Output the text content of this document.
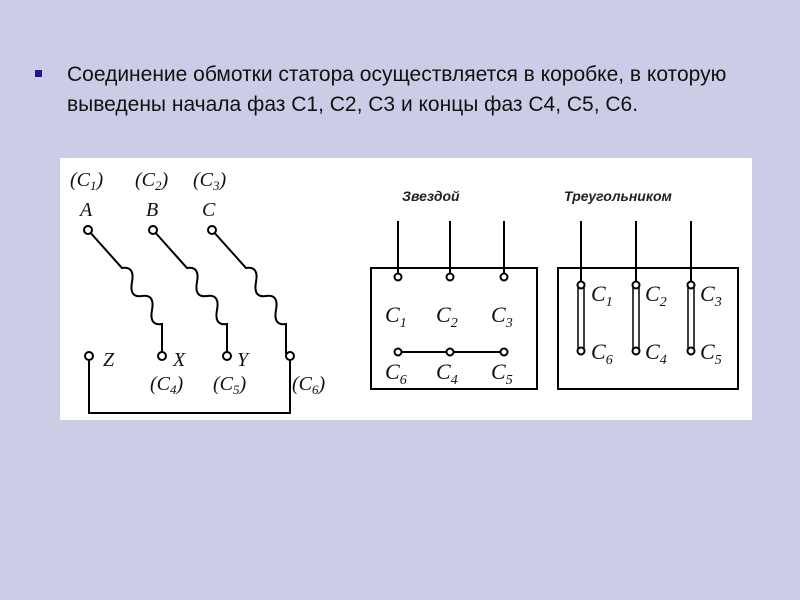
Соединение обмотки статора осуществляется в коробке, в которую выведены начала фаз С1, С2, С3 и концы фаз С4, С5, С6.
$(C_1)$ $(C_2)$ $(C_3)$
A	B C
Z	X	Y
$(C_4)$ $(C_5)$ $(C_6)$
Звездой	Треугольником
$C_1$ $C_2$ $C_3$
$C_6$ $C_4$ $C_5$
$C_1$ $C_2$ $C_3$
$C_6$ $C_4$ $C_5$
